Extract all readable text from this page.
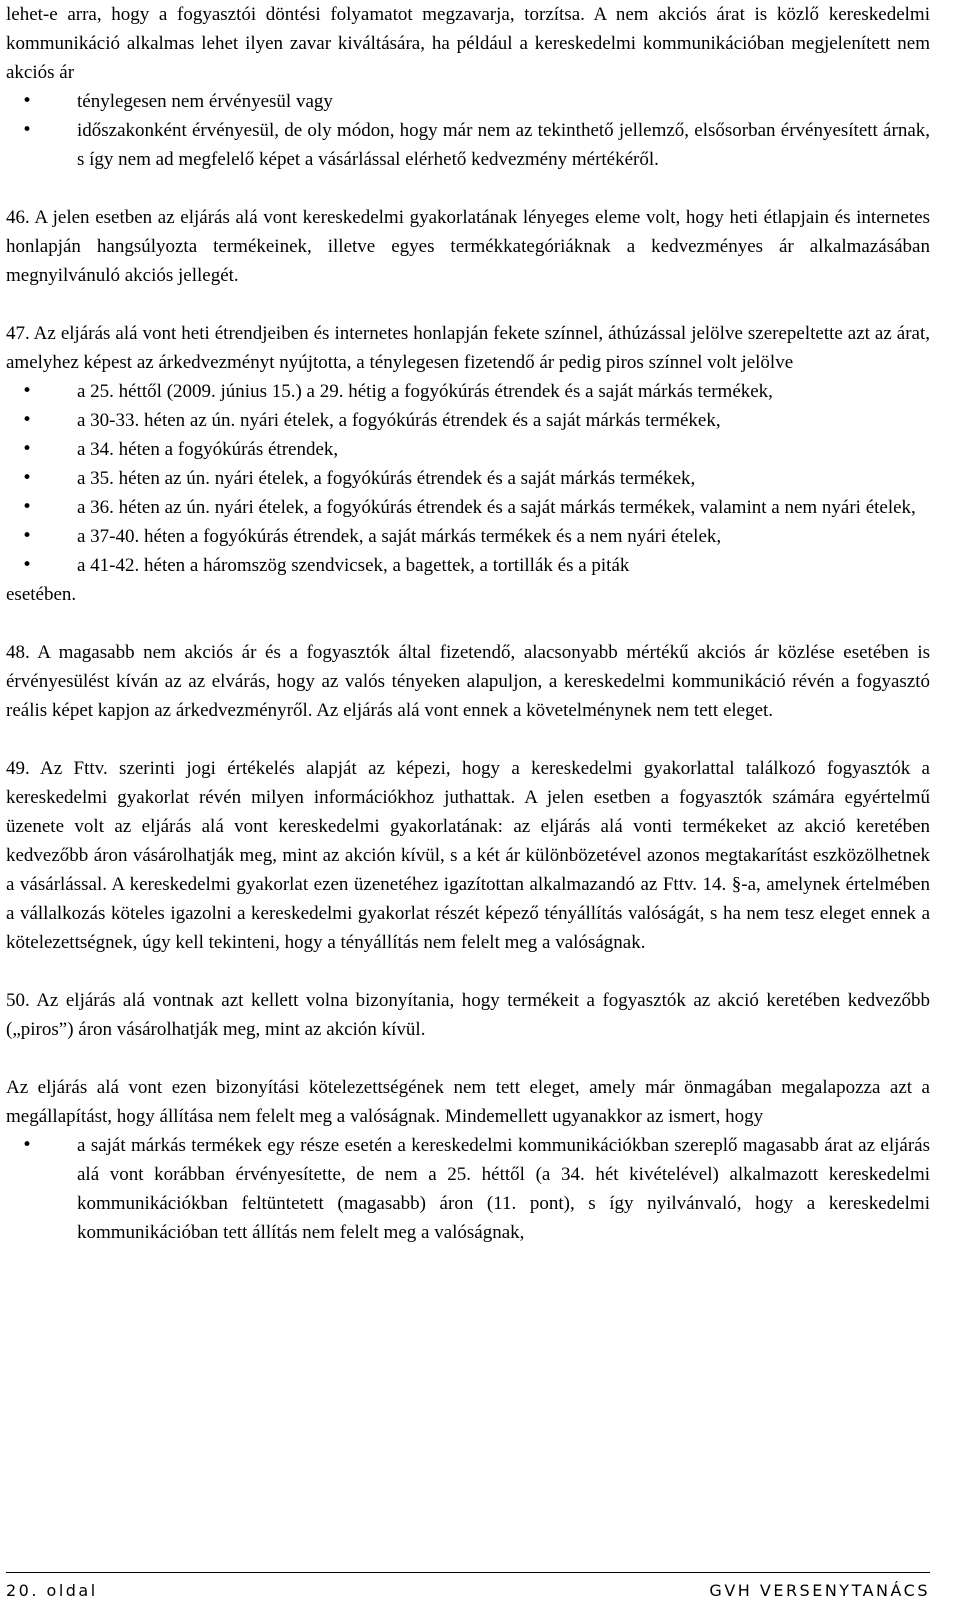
lehet-e arra, hogy a fogyasztói döntési folyamatot megzavarja, torzítsa. A nem akciós árat is közlő kereskedelmi kommunikáció alkalmas lehet ilyen zavar kiváltására, ha például a kereskedelmi kommunikációban megjelenített nem akciós ár

• ténylegesen nem érvényesül vagy
• időszakonként érvényesül, de oly módon, hogy már nem az tekinthető jellemző, elsősorban érvényesített árnak, s így nem ad megfelelő képet a vásárlással elérhető kedvezmény mértékéről.

46. A jelen esetben az eljárás alá vont kereskedelmi gyakorlatának lényeges eleme volt, hogy heti étlapjain és internetes honlapján hangsúlyozta termékeinek, illetve egyes termékkategóriáknak a kedvezményes ár alkalmazásában megnyilvánuló akciós jellegét.

47. Az eljárás alá vont heti étrendjeiben és internetes honlapján fekete színnel, áthúzással jelölve szerepeltette azt az árat, amelyhez képest az árkedvezményt nyújtotta, a ténylegesen fizetendő ár pedig piros színnel volt jelölve

• a 25. héttől (2009. június 15.) a 29. hétig a fogyókúrás étrendek és a saját márkás termékek,
• a 30-33. héten az ún. nyári ételek, a fogyókúrás étrendek és a saját márkás termékek,
• a 34. héten a fogyókúrás étrendek,
• a 35. héten az ún. nyári ételek, a fogyókúrás étrendek és a saját márkás termékek,
• a 36. héten az ún. nyári ételek, a fogyókúrás étrendek és a saját márkás termékek, valamint a nem nyári ételek,
• a 37-40. héten a fogyókúrás étrendek, a saját márkás termékek és a nem nyári ételek,
• a 41-42. héten a háromszög szendvicsek, a bagettek, a tortillák és a piták

esetében.

48. A magasabb nem akciós ár és a fogyasztók által fizetendő, alacsonyabb mértékű akciós ár közlése esetében is érvényesülést kíván az az elvárás, hogy az valós tényeken alapuljon, a kereskedelmi kommunikáció révén a fogyasztó reális képet kapjon az árkedvezményről. Az eljárás alá vont ennek a követelménynek nem tett eleget.

49. Az Fttv. szerinti jogi értékelés alapját az képezi, hogy a kereskedelmi gyakorlattal találkozó fogyasztók a kereskedelmi gyakorlat révén milyen információkhoz juthattak. A jelen esetben a fogyasztók számára egyértelmű üzenete volt az eljárás alá vont kereskedelmi gyakorlatának: az eljárás alá vonti termékeket az akció keretében kedvezőbb áron vásárolhatják meg, mint az akción kívül, s a két ár különbözetével azonos megtakarítást eszközölhetnek a vásárlással. A kereskedelmi gyakorlat ezen üzenetéhez igazítottan alkalmazandó az Fttv. 14. §-a, amelynek értelmében a vállalkozás köteles igazolni a kereskedelmi gyakorlat részét képező tényállítás valóságát, s ha nem tesz eleget ennek a kötelezettségnek, úgy kell tekinteni, hogy a tényállítás nem felelt meg a valóságnak.

50. Az eljárás alá vontnak azt kellett volna bizonyítania, hogy termékeit a fogyasztók az akció keretében kedvezőbb („piros”) áron vásárolhatják meg, mint az akción kívül.

Az eljárás alá vont ezen bizonyítási kötelezettségének nem tett eleget, amely már önmagában megalapozza azt a megállapítást, hogy állítása nem felelt meg a valóságnak. Mindemellett ugyanakkor az ismert, hogy

• a saját márkás termékek egy része esetén a kereskedelmi kommunikációkban szereplő magasabb árat az eljárás alá vont korábban érvényesítette, de nem a 25. héttől (a 34. hét kivételével) alkalmazott kereskedelmi kommunikációkban feltüntetett (magasabb) áron (11. pont), s így nyilvánvaló, hogy a kereskedelmi kommunikációban tett állítás nem felelt meg a valóságnak,
20. oldal	GVH VERSENYTANÁCS
